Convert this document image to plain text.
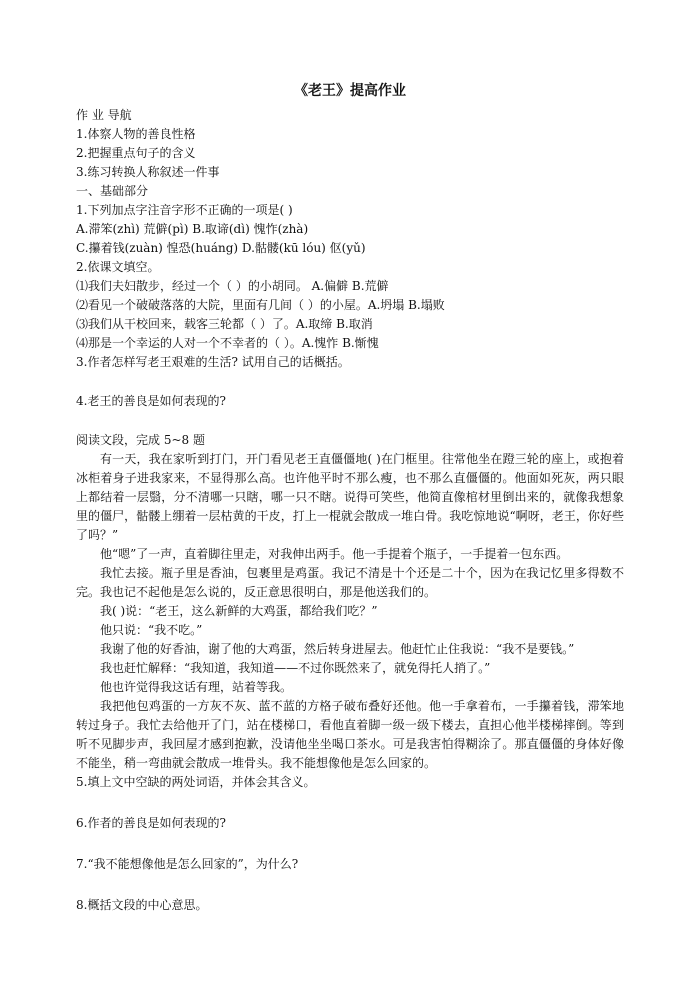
《老王》提高作业
作 业 导航
1.体察人物的善良性格
2.把握重点句子的含义
3.练习转换人称叙述一件事
一、基础部分
1.下列加点字注音字形不正确的一项是( )
A.滞笨(zhì) 荒僻(pì) B.取谛(dì) 愧怍(zhà)
C.攥着钱(zuàn) 惶恐(huáng) D.骷髅(kū lóu) 伛(yǔ)
2.依课文填空。
⑴我们夫妇散步，经过一个（ ）的小胡同。 A.偏僻 B.荒僻
⑵看见一个破破落落的大院，里面有几间（ ）的小屋。A.坍塌 B.塌败
⑶我们从干校回来，载客三轮都（ ）了。A.取缔 B.取消
⑷那是一个幸运的人对一个不幸者的（ ）。A.愧怍 B.惭愧
3.作者怎样写老王艰难的生活? 试用自己的话概括。
4.老王的善良是如何表现的?
阅读文段，完成 5~8 题
有一天，我在家听到打门，开门看见老王直僵僵地( )在门框里。往常他坐在蹬三轮的座上，或抱着冰柜着身子进我家来，不显得那么高。也许他平时不那么瘦，也不那么直僵僵的。他面如死灰，两只眼上都结着一层翳，分不清哪一只瞎，哪一只不瞎。说得可笑些，他简直像棺材里倒出来的，就像我想象里的僵尸，骷髅上绷着一层枯黄的干皮，打上一棍就会散成一堆白骨。我吃惊地说“啊呀，老王，你好些了吗？”
他“嗯”了一声，直着脚往里走，对我伸出两手。他一手提着个瓶子，一手提着一包东西。
我忙去接。瓶子里是香油，包裹里是鸡蛋。我记不清是十个还是二十个，因为在我记忆里多得数不完。我也记不起他是怎么说的，反正意思很明白，那是他送我们的。
我( )说：“老王，这么新鲜的大鸡蛋，都给我们吃？”
他只说：“我不吃。”
我谢了他的好香油，谢了他的大鸡蛋，然后转身进屋去。他赶忙止住我说：“我不是要钱。”
我也赶忙解释：“我知道，我知道——不过你既然来了，就免得托人捎了。”
他也许觉得我这话有理，站着等我。
我把他包鸡蛋的一方灰不灰、蓝不蓝的方格子破布叠好还他。他一手拿着布，一手攥着钱，滞笨地转过身子。我忙去给他开了门，站在楼梯口，看他直着脚一级一级下楼去，直担心他半楼梯摔倒。等到听不见脚步声，我回屋才感到抱歉，没请他坐坐喝口茶水。可是我害怕得糊涂了。那直僵僵的身体好像不能坐，稍一弯曲就会散成一堆骨头。我不能想像他是怎么回家的。
5.填上文中空缺的两处词语，并体会其含义。
6.作者的善良是如何表现的?
7.“我不能想像他是怎么回家的”，为什么?
8.概括文段的中心意思。
